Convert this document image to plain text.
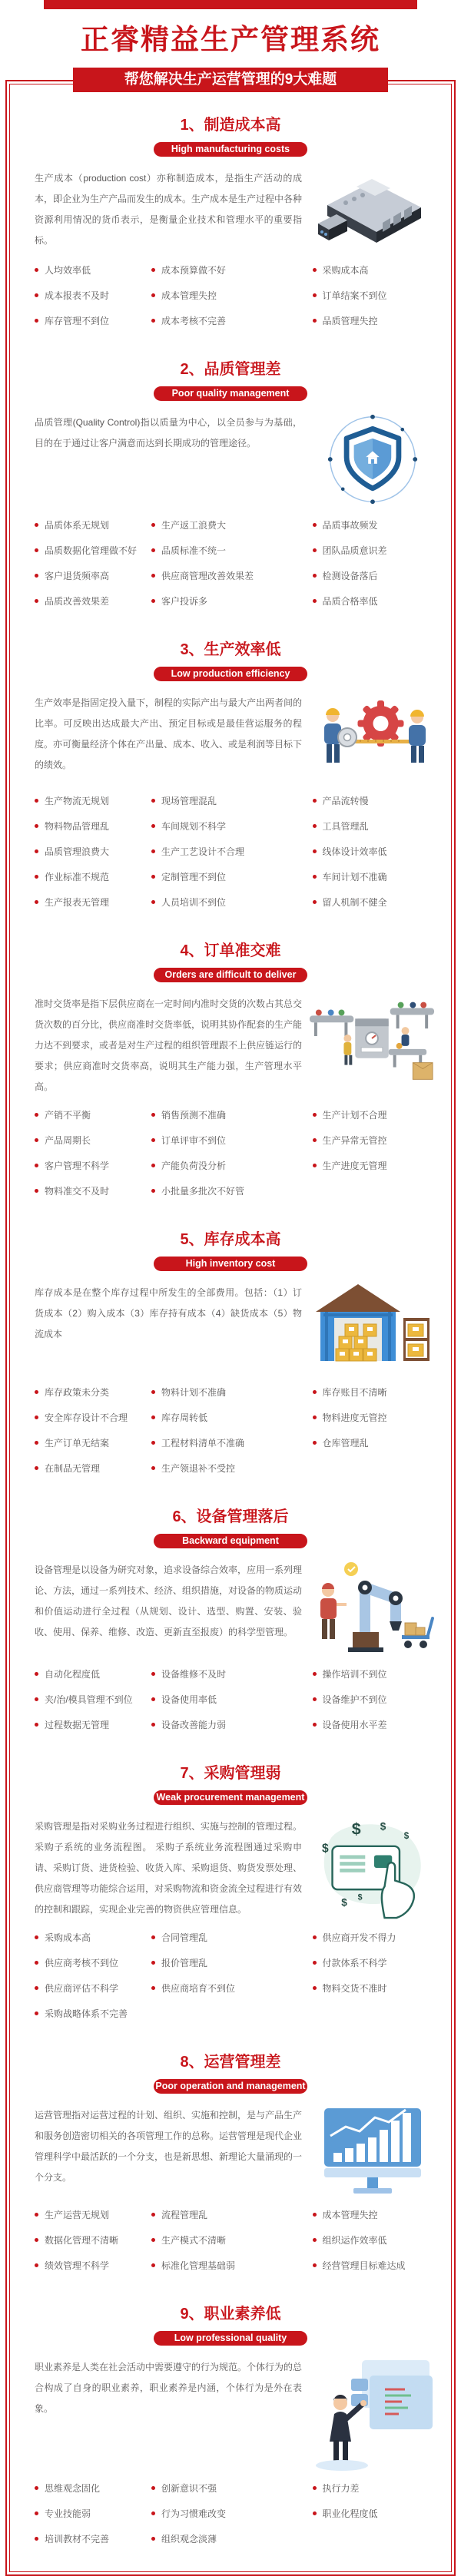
正睿精益生产管理系统
帮您解决生产运营管理的9大难题
1、制造成本高
High manufacturing costs

生产成本（production cost）亦称制造成本，是指生产活动的成本，即企业为生产产品而发生的成本。生产成本是生产过程中各种资源利用情况的货币表示，是衡量企业技术和管理水平的重要指标。

人均效率低
成本报表不及时
库存管理不到位
成本预算做不好
成本管理失控
成本考核不完善
采购成本高
订单结案不到位
品质管理失控
2、品质管理差
Poor quality management

品质管理(Quality Control)指以质量为中心，以全员参与为基础，目的在于通过让客户满意而达到长期成功的管理途径。

品质体系无规划
品质数据化管理做不好
客户退货频率高
品质改善效果差
生产返工浪费大
品质标准不统一
供应商管理改善效果差
客户投诉多
品质事故频发
团队品质意识差
检测设备落后
品质合格率低
3、生产效率低
Low production efficiency

生产效率是指固定投入量下，制程的实际产出与最大产出两者间的比率。可反映出达成最大产出、预定目标或是最佳营运服务的程度。亦可衡量经济个体在产出量、成本、收入、或是利润等目标下的绩效。

生产物流无规划
物料物品管理乱
品质管理浪费大
作业标准不规范
生产报表无管理
现场管理混乱
车间规划不科学
生产工艺设计不合理
定制管理不到位
人员培训不到位
产品流转慢
工具管理乱
线体设计效率低
车间计划不准确
留人机制不健全
4、订单准交难
Orders are difficult to deliver

准时交货率是指下层供应商在一定时间内准时交货的次数占其总交货次数的百分比，供应商准时交货率低，说明其协作配套的生产能力达不到要求，或者是对生产过程的组织管理跟不上供应链运行的要求；供应商准时交货率高，说明其生产能力强，生产管理水平高。

产销不平衡
产品周期长
客户管理不科学
物料准交不及时
销售预测不准确
订单评审不到位
产能负荷没分析
小批量多批次不好管
生产计划不合理
生产异常无管控
生产进度无管理
5、库存成本高
High inventory cost

库存成本是在整个库存过程中所发生的全部费用。包括：（1）订货成本（2）购入成本（3）库存持有成本（4）缺货成本（5）物流成本

库存政策未分类
安全库存设计不合理
生产订单无结案
在制品无管理
物料计划不准确
库存周转低
工程材料清单不准确
生产领退补不受控
库存账目不清晰
物料进度无管控
仓库管理乱
6、设备管理落后
Backward equipment management

设备管理是以设备为研究对象，追求设备综合效率，应用一系列理论、方法，通过一系列技术、经济、组织措施，对设备的物质运动和价值运动进行全过程（从规划、设计、选型、购置、安装、验收、使用、保养、维修、改造、更新直至报废）的科学型管理。

自动化程度低
夹/治/模具管理不到位
过程数据无管理
设备维修不及时
设备使用率低
设备改善能力弱
操作培训不到位
设备维护不到位
设备使用水平差
7、采购管理弱
Weak procurement management

采购管理是指对采购业务过程进行组织、实施与控制的管理过程。采购子系统的业务流程图。 采购子系统业务流程图通过采购申请、采购订货、进货检验、收货入库、采购退货、购货发票处理、供应商管理等功能综合运用，对采购物流和资金流全过程进行有效的控制和跟踪，实现企业完善的物资供应管理信息。

$
$ $
$
$ $
采购成本高
供应商考核不到位
供应商评估不科学
采购战略体系不完善
合同管理乱
报价管理乱
供应商培育不到位
供应商开发不得力
付款体系不科学
物料交货不准时
8、运营管理差
Poor operation and management

运营管理指对运营过程的计划、组织、实施和控制，是与产品生产和服务创造密切相关的各项管理工作的总称。运营管理是现代企业管理科学中最活跃的一个分支，也是新思想、新理论大量涌现的一个分支。

生产运营无规划
数据化管理不清晰
绩效管理不科学
流程管理乱
生产模式不清晰
标准化管理基础弱
成本管理失控
组织运作效率低
经营管理目标难达成
9、职业素养低
Low professional quality

职业素养是人类在社会活动中需要遵守的行为规范。个体行为的总合构成了自身的职业素养，职业素养是内涵，个体行为是外在表象。

思维观念固化
专业技能弱
培训教材不完善
创新意识不强
行为习惯难改变
组织观念淡薄
执行力差
职业化程度低
